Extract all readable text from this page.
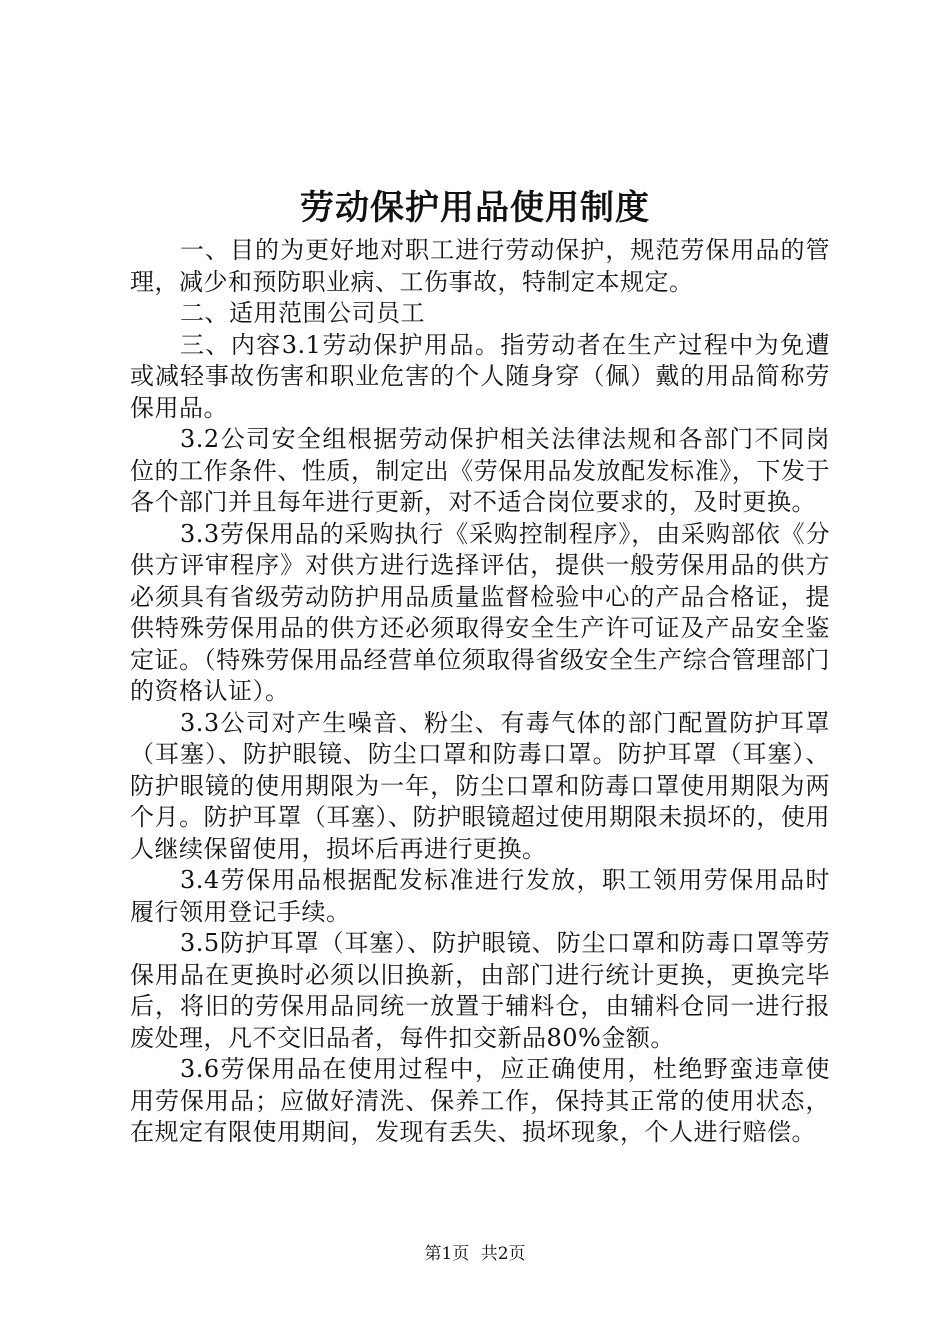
劳动保护用品使用制度

一、目的为更好地对职工进行劳动保护，规范劳保用品的管理，减少和预防职业病、工伤事故，特制定本规定。

二、适用范围公司员工

三、内容3.1劳动保护用品。指劳动者在生产过程中为免遭或减轻事故伤害和职业危害的个人随身穿（佩）戴的用品简称劳保用品。

3.2公司安全组根据劳动保护相关法律法规和各部门不同岗位的工作条件、性质，制定出《劳保用品发放配发标准》，下发于各个部门并且每年进行更新，对不适合岗位要求的，及时更换。

3.3劳保用品的采购执行《采购控制程序》，由采购部依《分供方评审程序》对供方进行选择评估，提供一般劳保用品的供方必须具有省级劳动防护用品质量监督检验中心的产品合格证，提供特殊劳保用品的供方还必须取得安全生产许可证及产品安全鉴定证。（特殊劳保用品经营单位须取得省级安全生产综合管理部门的资格认证）。

3.3公司对产生噪音、粉尘、有毒气体的部门配置防护耳罩（耳塞）、防护眼镜、防尘口罩和防毒口罩。防护耳罩（耳塞）、防护眼镜的使用期限为一年，防尘口罩和防毒口罩使用期限为两个月。防护耳罩（耳塞）、防护眼镜超过使用期限未损坏的，使用人继续保留使用，损坏后再进行更换。

3.4劳保用品根据配发标准进行发放，职工领用劳保用品时履行领用登记手续。

3.5防护耳罩（耳塞）、防护眼镜、防尘口罩和防毒口罩等劳保用品在更换时必须以旧换新，由部门进行统计更换，更换完毕后，将旧的劳保用品同统一放置于辅料仓，由辅料仓同一进行报废处理，凡不交旧品者，每件扣交新品80%金额。

3.6劳保用品在使用过程中，应正确使用，杜绝野蛮违章使用劳保用品；应做好清洗、保养工作，保持其正常的使用状态，在规定有限使用期间，发现有丢失、损坏现象，个人进行赔偿。

第1页 共2页
